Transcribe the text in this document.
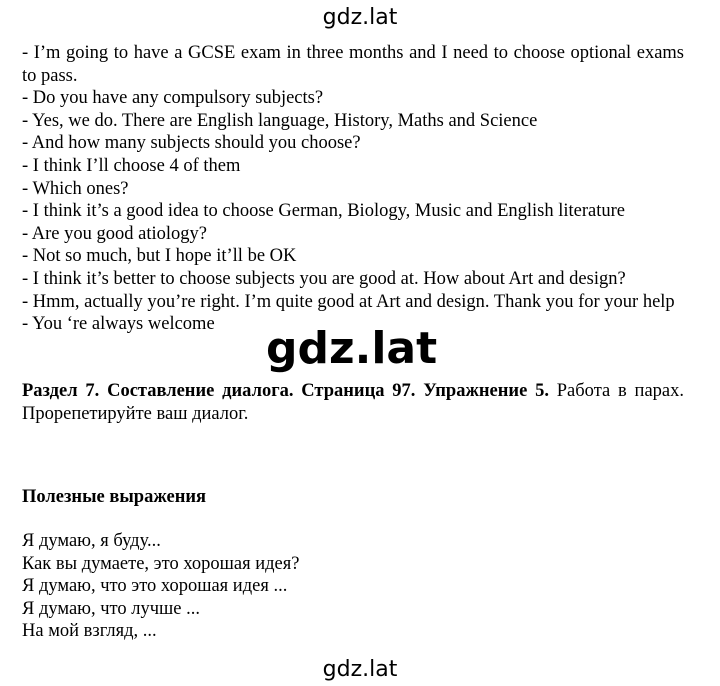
gdz.lat

- I’m going to have a GCSE exam in three months and I need to choose optional exams to pass.

- Do you have any compulsory subjects?

- Yes, we do. There are English language, History, Maths and Science

- And how many subjects should you choose?

- I think I’ll choose 4 of them

- Which ones?

- I think it’s a good idea to choose German, Biology, Music and English literature

- Are you good atiology?

- Not so much, but I hope it’ll be OK

- I think it’s better to choose subjects you are good at. How about Art and design?

- Hmm, actually you’re right. I’m quite good at Art and design. Thank you for your help

- You ‘re always welcome	gdz.lat
Раздел 7. Составление диалога. Страница 97. Упражнение 5. Работа в парах. Прорепетируйте ваш диалог.
Полезные выражения

Я думаю, я буду...

Как вы думаете, это хорошая идея?

Я думаю, что это хорошая идея ...

Я думаю, что лучше ...

На мой взгляд, ...

gdz.lat
